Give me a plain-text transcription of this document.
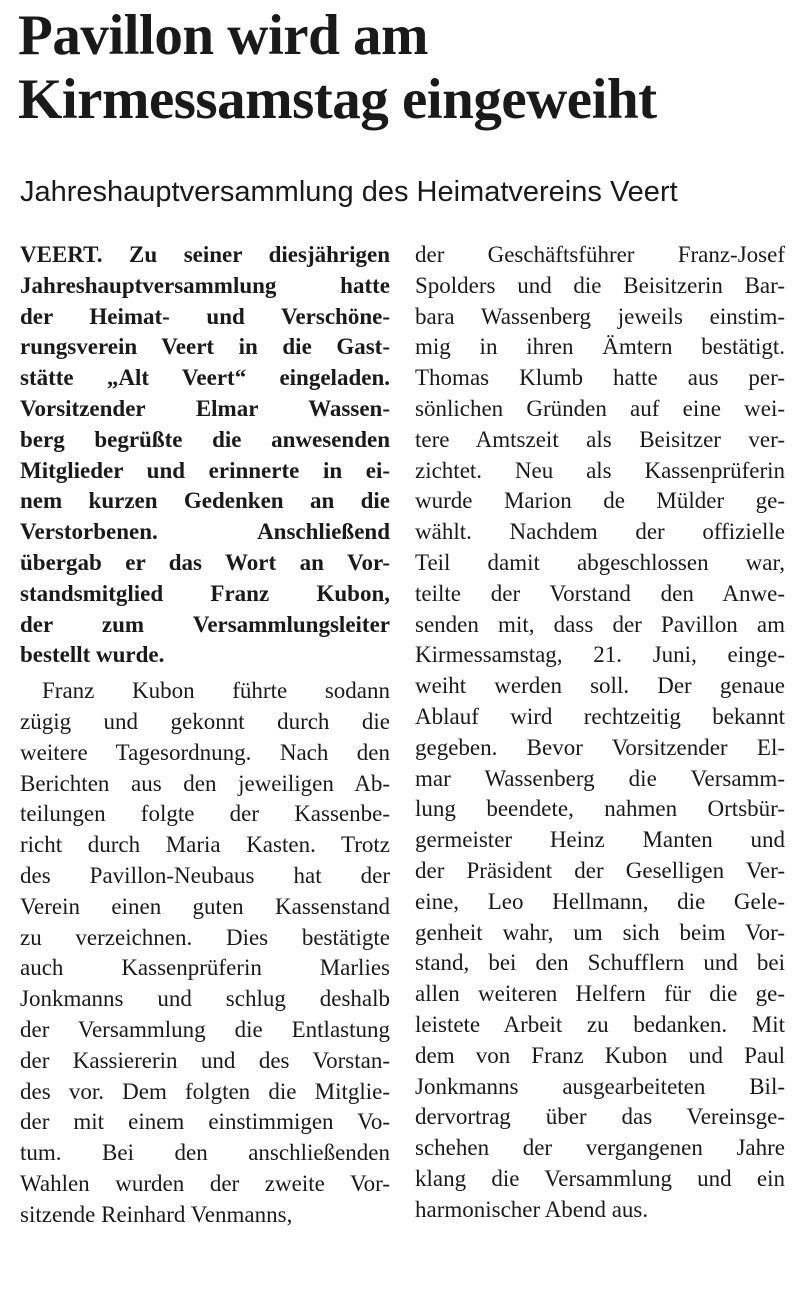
Pavillon wird am
Kirmessamstag eingeweiht
Jahreshauptversammlung des Heimatvereins Veert
VEERT. Zu seiner diesjährigen
Jahreshauptversammlung hatte
der Heimat- und Verschöne-
rungsverein Veert in die Gast-
stätte „Alt Veert“ eingeladen.
Vorsitzender Elmar Wassen-
berg begrüßte die anwesenden
Mitglieder und erinnerte in ei-
nem kurzen Gedenken an die
Verstorbenen. Anschließend
übergab er das Wort an Vor-
standsmitglied Franz Kubon,
der zum Versammlungsleiter
bestellt wurde.
Franz Kubon führte sodann
zügig und gekonnt durch die
weitere Tagesordnung. Nach den
Berichten aus den jeweiligen Ab-
teilungen folgte der Kassenbe-
richt durch Maria Kasten. Trotz
des Pavillon-Neubaus hat der
Verein einen guten Kassenstand
zu verzeichnen. Dies bestätigte
auch Kassenprüferin Marlies
Jonkmanns und schlug deshalb
der Versammlung die Entlastung
der Kassiererin und des Vorstan-
des vor. Dem folgten die Mitglie-
der mit einem einstimmigen Vo-
tum. Bei den anschließenden
Wahlen wurden der zweite Vor-
sitzende Reinhard Venmanns,
der Geschäftsführer Franz-Josef
Spolders und die Beisitzerin Bar-
bara Wassenberg jeweils einstim-
mig in ihren Ämtern bestätigt.
Thomas Klumb hatte aus per-
sönlichen Gründen auf eine wei-
tere Amtszeit als Beisitzer ver-
zichtet. Neu als Kassenprüferin
wurde Marion de Mülder ge-
wählt. Nachdem der offizielle
Teil damit abgeschlossen war,
teilte der Vorstand den Anwe-
senden mit, dass der Pavillon am
Kirmessamstag, 21. Juni, einge-
weiht werden soll. Der genaue
Ablauf wird rechtzeitig bekannt
gegeben. Bevor Vorsitzender El-
mar Wassenberg die Versamm-
lung beendete, nahmen Ortsbür-
germeister Heinz Manten und
der Präsident der Geselligen Ver-
eine, Leo Hellmann, die Gele-
genheit wahr, um sich beim Vor-
stand, bei den Schufflern und bei
allen weiteren Helfern für die ge-
leistete Arbeit zu bedanken. Mit
dem von Franz Kubon und Paul
Jonkmanns ausgearbeiteten Bil-
dervortrag über das Vereinsge-
schehen der vergangenen Jahre
klang die Versammlung und ein
harmonischer Abend aus.
